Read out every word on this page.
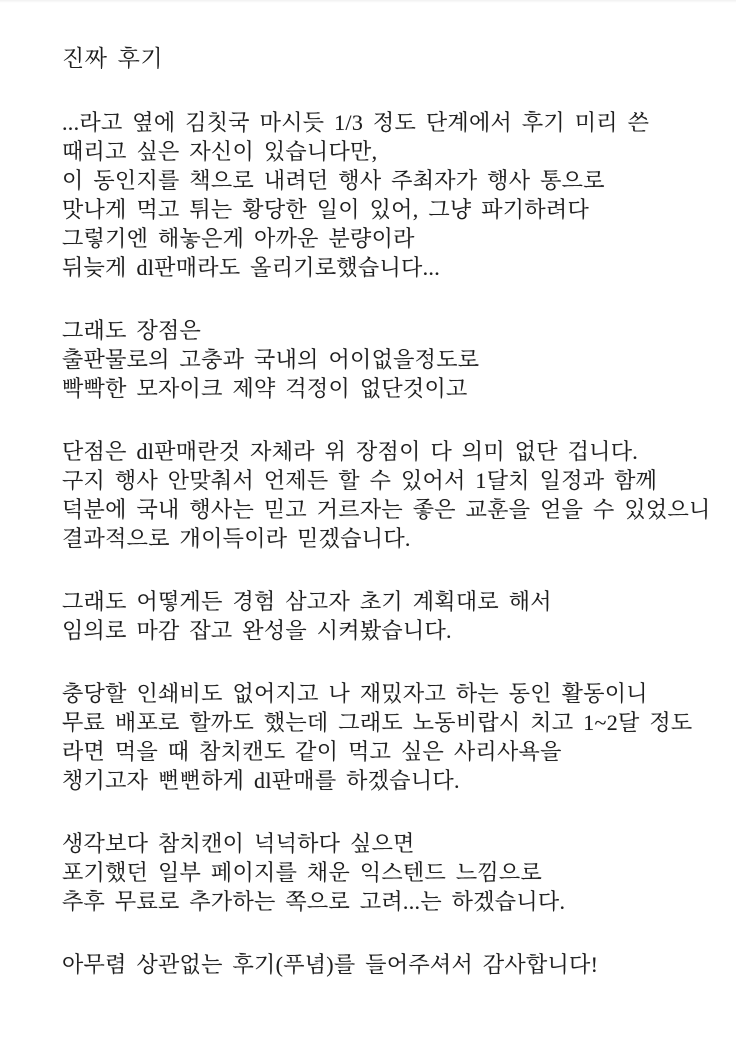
진짜 후기
...라고 옆에 김칫국 마시듯 1/3 정도 단계에서 후기 미리 쓴
때리고 싶은 자신이 있습니다만,
이 동인지를 책으로 내려던 행사 주최자가 행사 통으로
맛나게 먹고 튀는 황당한 일이 있어, 그냥 파기하려다
그렇기엔 해놓은게 아까운 분량이라
뒤늦게 dl판매라도 올리기로했습니다...
그래도 장점은
출판물로의 고충과 국내의 어이없을정도로
빡빡한 모자이크 제약 걱정이 없단것이고
단점은 dl판매란것 자체라 위 장점이 다 의미 없단 겁니다.
구지 행사 안맞춰서 언제든 할 수 있어서 1달치 일정과 함께
덕분에 국내 행사는 믿고 거르자는 좋은 교훈을 얻을 수 있었으니
결과적으로 개이득이라 믿겠습니다.
그래도 어떻게든 경험 삼고자 초기 계획대로 해서
임의로 마감 잡고 완성을 시켜봤습니다.
충당할 인쇄비도 없어지고 나 재밌자고 하는 동인 활동이니
무료 배포로 할까도 했는데 그래도 노동비랍시 치고 1~2달 정도
라면 먹을 때 참치캔도 같이 먹고 싶은 사리사욕을
챙기고자 뻔뻔하게 dl판매를 하겠습니다.
생각보다 참치캔이 넉넉하다 싶으면
포기했던 일부 페이지를 채운 익스텐드 느낌으로
추후 무료로 추가하는 쪽으로 고려...는 하겠습니다.
아무렴 상관없는 후기(푸념)를 들어주셔서 감사합니다!
